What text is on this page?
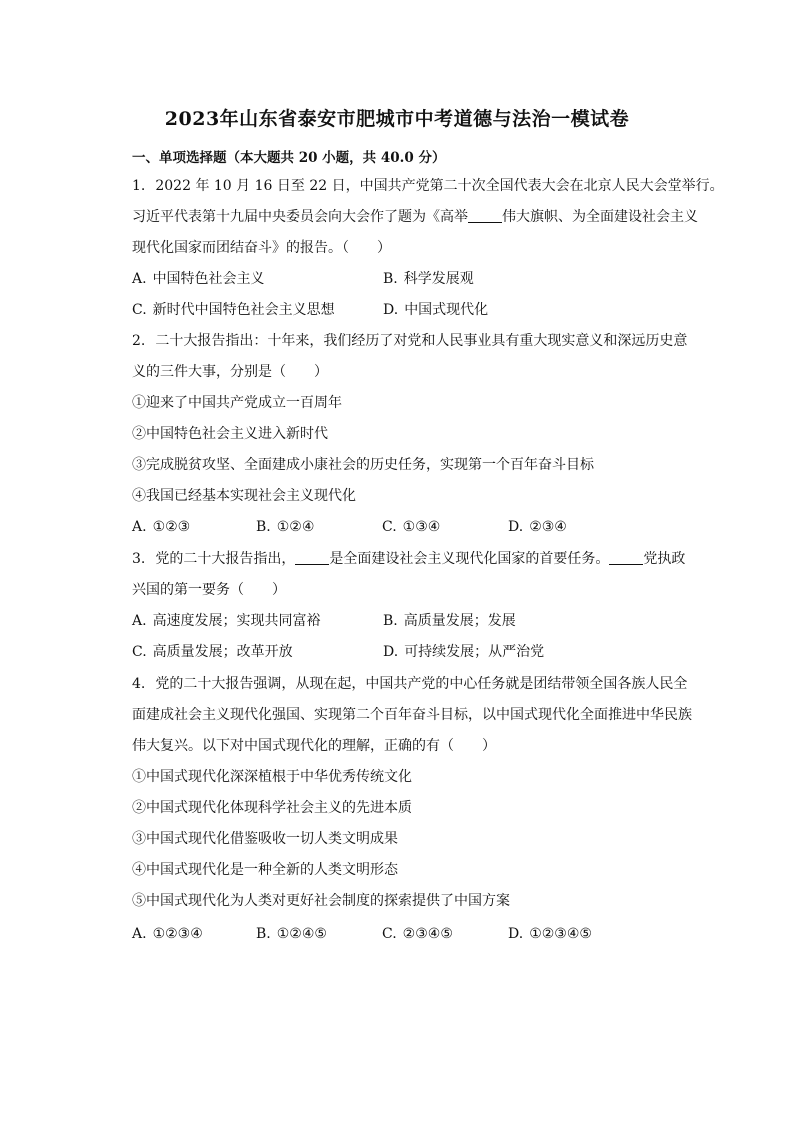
2023年山东省泰安市肥城市中考道德与法治一模试卷
一、单项选择题（本大题共 20 小题，共 40.0 分）
1. 2022 年 10 月 16 日至 22 日，中国共产党第二十次全国代表大会在北京人民大会堂举行。
习近平代表第十九届中央委员会向大会作了题为《高举 伟大旗帜、为全面建设社会主义
现代化国家而团结奋斗》的报告。（　　）
A. 中国特色社会主义	B. 科学发展观
C. 新时代中国特色社会主义思想	D. 中国式现代化
2. 二十大报告指出：十年来，我们经历了对党和人民事业具有重大现实意义和深远历史意
义的三件大事，分别是（　　）
①迎来了中国共产党成立一百周年
②中国特色社会主义进入新时代
③完成脱贫攻坚、全面建成小康社会的历史任务，实现第一个百年奋斗目标
④我国已经基本实现社会主义现代化
A. ①②③	B. ①②④	C. ①③④	D. ②③④
3. 党的二十大报告指出， 是全面建设社会主义现代化国家的首要任务。 党执政
兴国的第一要务（　　）
A. 高速度发展；实现共同富裕	B. 高质量发展；发展
C. 高质量发展；改革开放	D. 可持续发展；从严治党
4. 党的二十大报告强调，从现在起，中国共产党的中心任务就是团结带领全国各族人民全
面建成社会主义现代化强国、实现第二个百年奋斗目标，以中国式现代化全面推进中华民族
伟大复兴。以下对中国式现代化的理解，正确的有（　　）
①中国式现代化深深植根于中华优秀传统文化
②中国式现代化体现科学社会主义的先进本质
③中国式现代化借鉴吸收一切人类文明成果
④中国式现代化是一种全新的人类文明形态
⑤中国式现代化为人类对更好社会制度的探索提供了中国方案
A. ①②③④	B. ①②④⑤	C. ②③④⑤	D. ①②③④⑤
